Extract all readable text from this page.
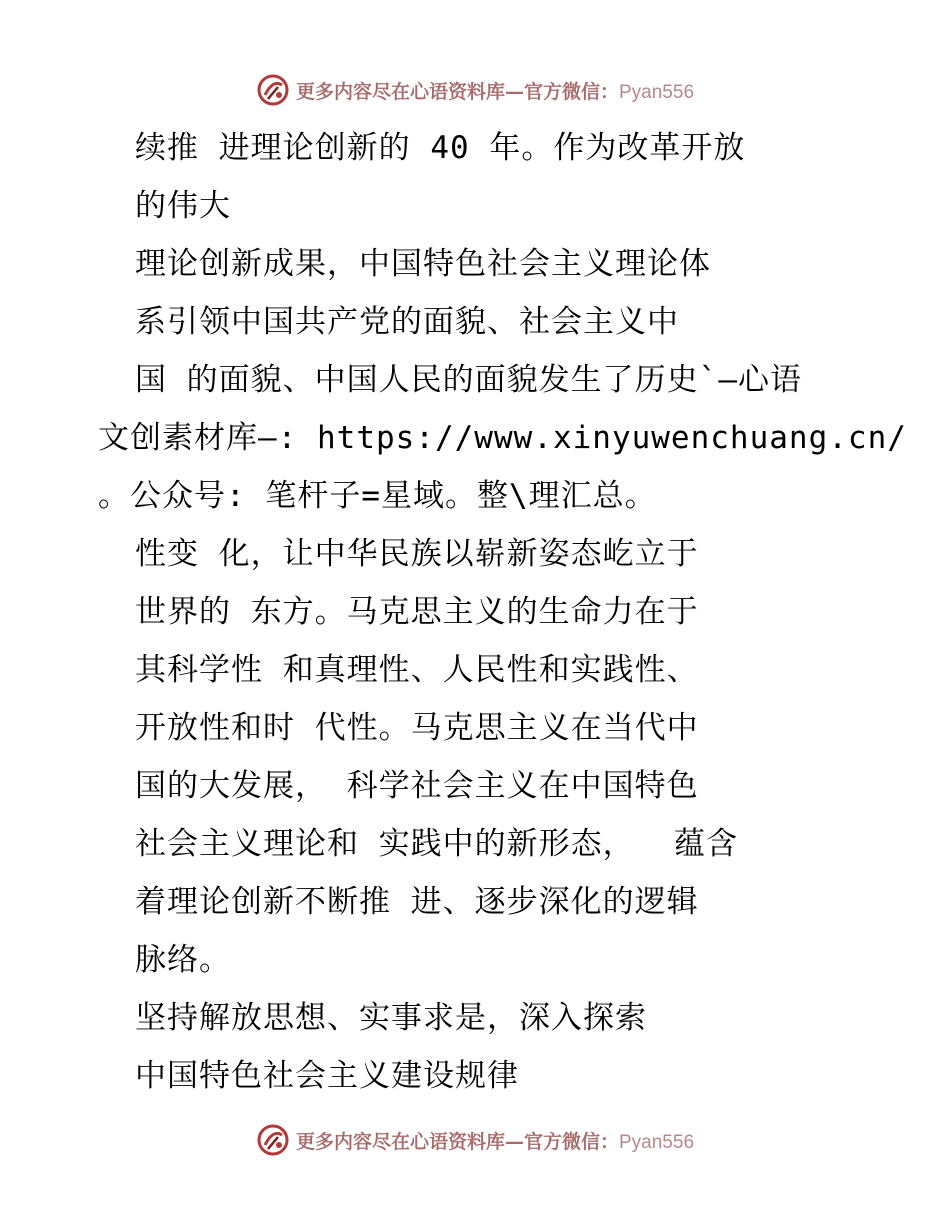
更多内容尽在心语资料库—官方微信：Pyan556
续推 进理论创新的 40 年。作为改革开放
的伟大
理论创新成果，中国特色社会主义理论体
系引领中国共产党的面貌、社会主义中
国 的面貌、中国人民的面貌发生了历史`—心语
文创素材库—: https://www.xinyuwenchuang.cn/
。公众号: 笔杆子=星域。整\理汇总。
性变 化，让中华民族以崭新姿态屹立于
世界的 东方。马克思主义的生命力在于
其科学性 和真理性、人民性和实践性、
开放性和时 代性。马克思主义在当代中
国的大发展， 科学社会主义在中国特色
社会主义理论和 实践中的新形态，  蕴含
着理论创新不断推 进、逐步深化的逻辑
脉络。
坚持解放思想、实事求是，深入探索
中国特色社会主义建设规律
更多内容尽在心语资料库—官方微信：Pyan556
